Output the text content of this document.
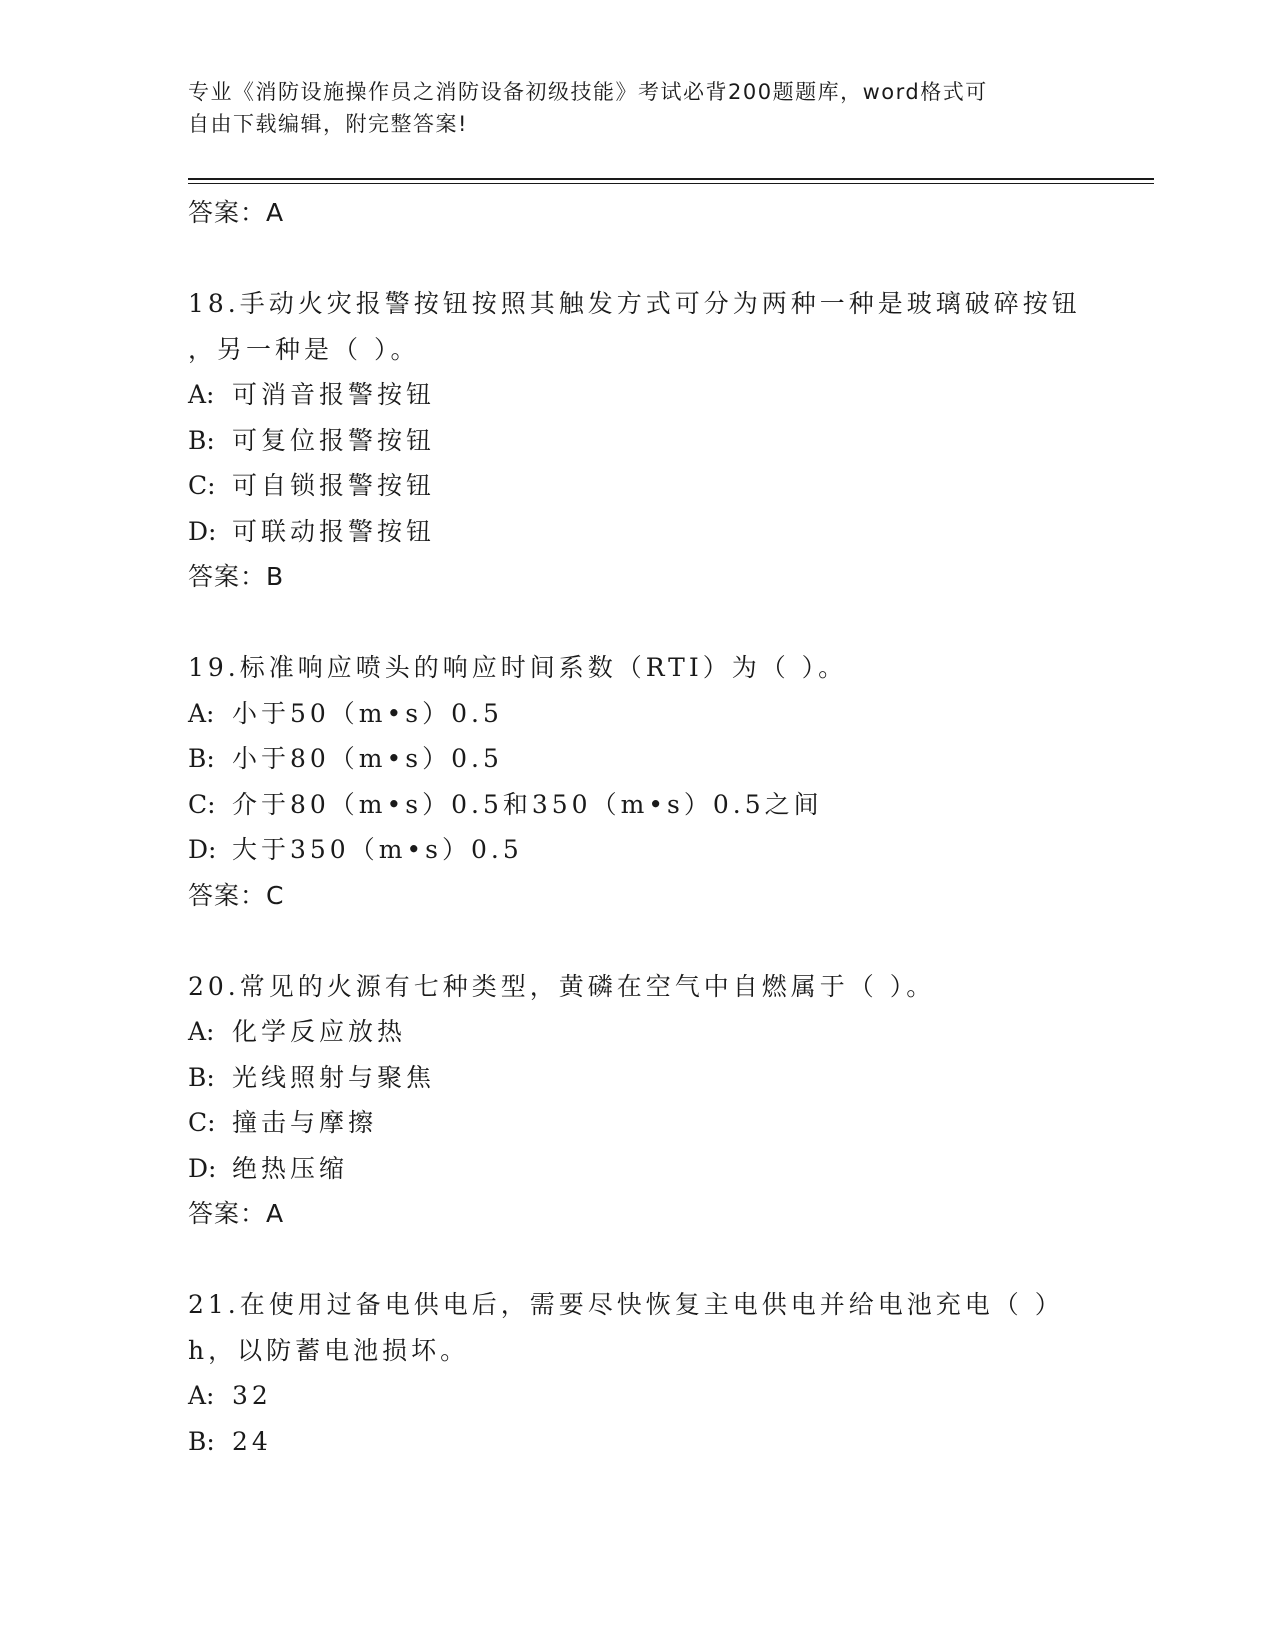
专业《消防设施操作员之消防设备初级技能》考试必背200题题库，word格式可
自由下载编辑，附完整答案!
答案：A
18.手动火灾报警按钮按照其触发方式可分为两种一种是玻璃破碎按钮
，另一种是（ ）。
A: 可消音报警按钮
B: 可复位报警按钮
C: 可自锁报警按钮
D: 可联动报警按钮
答案：B
19.标准响应喷头的响应时间系数（RTI）为（ ）。
A: 小于50（m•s）0.5
B: 小于80（m•s）0.5
C: 介于80（m•s）0.5和350（m•s）0.5之间
D: 大于350（m•s）0.5
答案：C
20.常见的火源有七种类型，黄磷在空气中自燃属于（ ）。
A: 化学反应放热
B: 光线照射与聚焦
C: 撞击与摩擦
D: 绝热压缩
答案：A
21.在使用过备电供电后，需要尽快恢复主电供电并给电池充电（ ）
h，以防蓄电池损坏。
A: 32
B: 24
